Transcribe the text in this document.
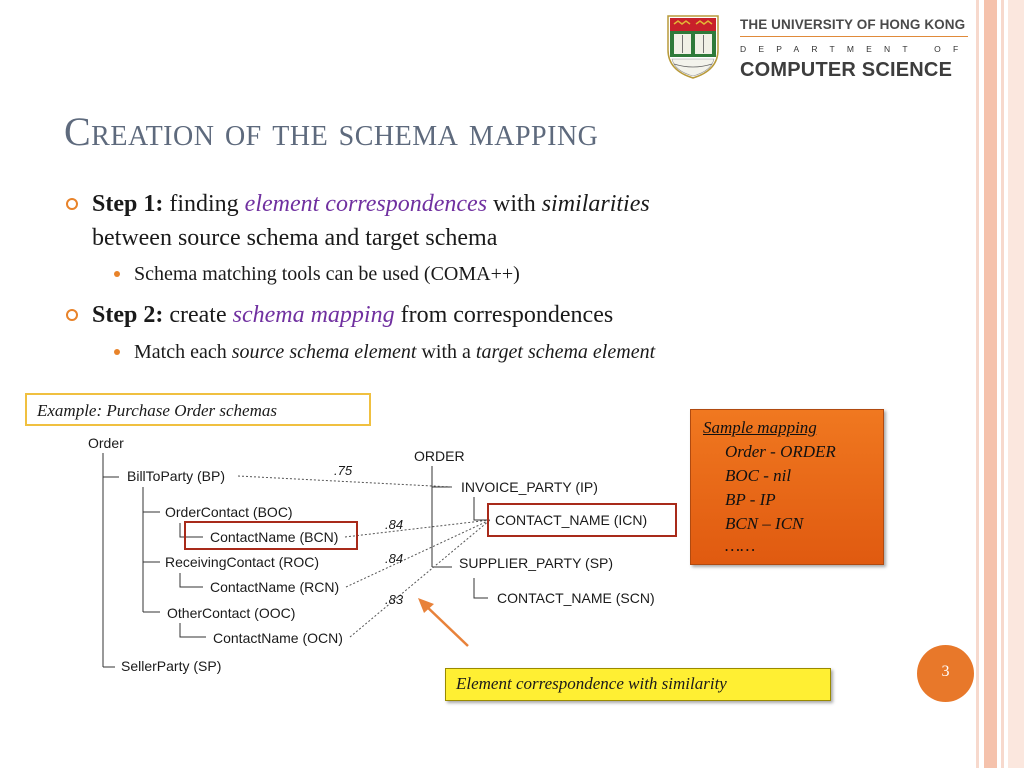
THE UNIVERSITY OF HONG KONG
DEPARTMENT OF
COMPUTER SCIENCE
Creation of the schema mapping
Step 1: finding element correspondences with similarities
between source schema and target schema
Schema matching tools can be used (COMA++)
Step 2: create schema mapping from correspondences
Match each source schema element with a target schema element
Order
BillToParty (BP)
OrderContact (BOC)
ContactName (BCN)
ReceivingContact (ROC)
ContactName (RCN)
OtherContact (OOC)
ContactName (OCN)
SellerParty (SP)
ORDER
INVOICE_PARTY (IP)
CONTACT_NAME (ICN)
SUPPLIER_PARTY (SP)
CONTACT_NAME (SCN)
.75
.84
.84
.83
Example: Purchase Order schemas
Sample mapping
Order - ORDER
BOC - nil
BP - IP
BCN – ICN
……
Element correspondence with similarity
3
